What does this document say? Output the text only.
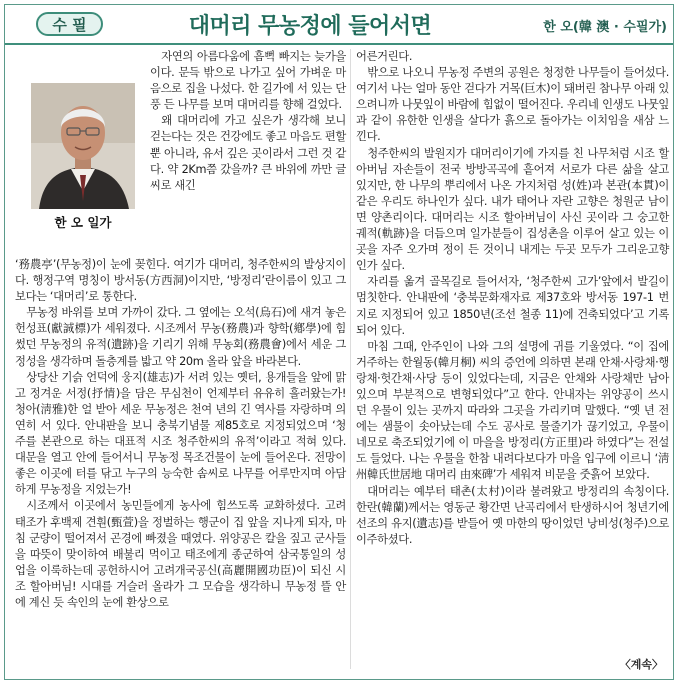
수 필	대머리 무농정에 들어서면	한 오(韓 澳 · 수필가)
한 오 일가

자연의 아름다움에 흠뻑 빠지는 늦가을이다. 문득 밖으로 나가고 싶어 가벼운 마음으로 집을 나섰다. 한 길가에 서 있는 단풍 든 나무를 보며 대머리를 향해 걸었다.

왜 대머리에 가고 싶은가 생각해 보니 걷는다는 것은 건강에도 좋고 마음도 편할 뿐 아니라, 유서 깊은 곳이라서 그런 것 같다. 약 2Km쯤 갔을까? 큰 바위에 까만 글씨로 새긴

‘務農亭’(무농정)이 눈에 꽂힌다. 여기가 대머리, 청주한씨의 발상지이다. 행정구역 명칭이 방서동(方西洞)이지만, ‘방정리’란이름이 있고 그보다는 ‘대머리’로 통한다.

무농정 바위를 보며 가까이 갔다. 그 옆에는 오석(烏石)에 새겨 놓은 헌성표(獻誠標)가 세워졌다. 시조께서 무농(務農)과 향학(鄕學)에 힘썼던 무농정의 유적(遺跡)을 기리기 위해 무농회(務農會)에서 세운 그 정성을 생각하며 돌층계를 밟고 약 20m 올라 앞을 바라본다.

상당산 기슭 언덕에 웅지(雄志)가 서려 있는 옛터, 용개들을 앞에 맑고 정겨운 서정(抒情)을 담은 무심천이 언제부터 유유히 흘러왔는가! 청아(淸雅)한 얼 받아 세운 무농정은 천여 년의 긴 역사를 자랑하며 의연히 서 있다. 안내판을 보니 충북기념물 제85호로 지정되었으며 ‘청주를 본관으로 하는 대표적 시조 청주한씨의 유적’이라고 적혀 있다. 대문을 열고 안에 들어서니 무농정 목조건물이 눈에 들어온다. 전망이 좋은 이곳에 터를 닦고 누구의 능숙한 솜씨로 나무를 어루만지며 아담하게 무농정을 지었는가!

시조께서 이곳에서 농민들에게 농사에 힘쓰도록 교화하셨다. 고려 태조가 후백제 견훤(甄萱)을 정벌하는 행군이 집 앞을 지나게 되자, 마침 군량이 떨어져서 곤경에 빠졌을 때였다. 위양공은 칼을 짚고 군사들을 따뜻이 맞이하여 배불리 먹이고 태조에게 종군하여 삼국통일의 성업을 이룩하는데 공헌하시어 고려개국공신(高麗開國功臣)이 되신 시조 할아버님! 시대를 거슬러 올라가 그 모습을 생각하니 무농정 뜰 안에 계신 듯 속인의 눈에 환상으로

어른거린다.

밖으로 나오니 무농정 주변의 공원은 청정한 나무들이 들어섰다. 여기서 나는 얼마 동안 걷다가 거목(巨木)이 돼버린 참나무 아래 있으려니까 나뭇잎이 바람에 힘없이 떨어진다. 우리네 인생도 나뭇잎과 같이 유한한 인생을 살다가 흙으로 돌아가는 이치임을 새삼 느낀다.

청주한씨의 발원지가 대머리이기에 가지를 친 나무처럼 시조 할아버님 자손들이 전국 방방곡곡에 흩어져 서로가 다른 삶을 살고 있지만, 한 나무의 뿌리에서 나온 가지처럼 성(姓)과 본관(本貫)이 같은 우리도 하나인가 싶다. 내가 태어나 자란 고향은 청원군 남이면 양촌리이다. 대머리는 시조 할아버님이 사신 곳이라 그 숭고한 궤적(軌跡)을 더듬으며 일가분들이 집성촌을 이루어 살고 있는 이곳을 자주 오가며 정이 든 것이니 내게는 두곳 모두가 그리운고향인가 싶다.

자리를 옮겨 골목길로 들어서자, ‘청주한씨 고가’앞에서 발길이 멈칫한다. 안내판에 ‘충북문화재자료 제37호와 방서동 197-1 번지로 지정되어 있고 1850년(조선 철종 11)에 건축되었다’고 기록되어 있다.

마침 그때, 안주인이 나와 그의 설명에 귀를 기울였다. “이 집에 거주하는 한월동(韓月桐) 씨의 증언에 의하면 본래 안채·사랑채·행랑채·헛간채·사당 등이 있었다는데, 지금은 안채와 사랑채만 남아 있으며 부분적으로 변형되었다”고 한다. 안내자는 위양공이 쓰시던 우물이 있는 곳까지 따라와 그곳을 가리키며 말했다. “옛 년 전에는 샘물이 솟아났는데 수도 공사로 물줄기가 끊기었고, 우물이 네모로 축조되었기에 이 마을을 방정리(方正里)라 하였다”는 전설도 들었다. 나는 우물을 한참 내려다보다가 마을 입구에 이르니 ‘淸州韓氏世居地 대머리 由來碑’가 세워져 비문을 줏흙어 보았다.

대머리는 예부터 태촌(太村)이라 불려왔고 방정리의 속칭이다. 한란(韓蘭)께서는 영동군 황간면 난곡리에서 탄생하시어 청년기에 선조의 유지(遺志)를 받들어 옛 마한의 땅이었던 낭비성(청주)으로 이주하셨다.

〈계속〉
